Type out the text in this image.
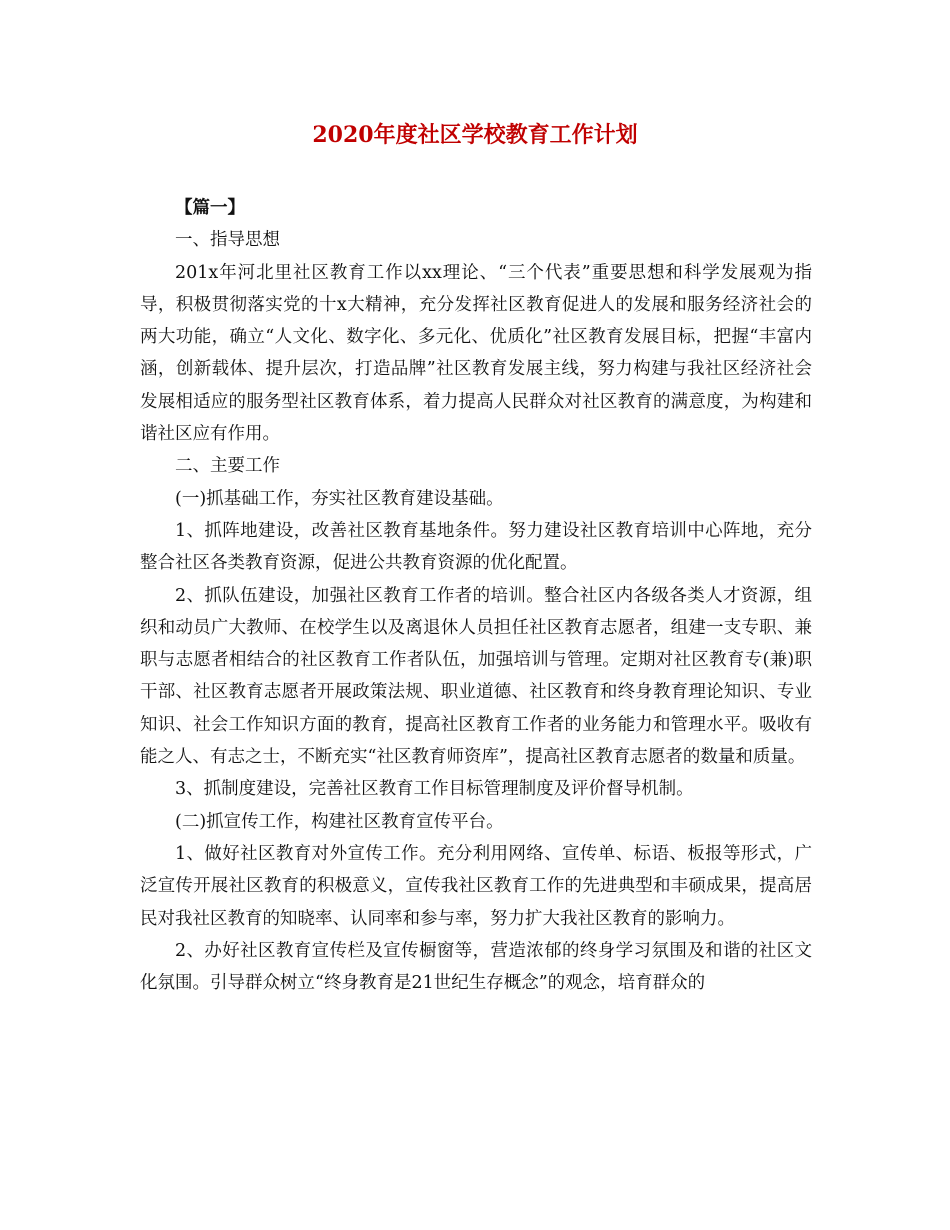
2020年度社区学校教育工作计划

【篇一】

一、指导思想

201x年河北里社区教育工作以xx理论、“三个代表”重要思想和科学发展观为指导，积极贯彻落实党的十x大精神，充分发挥社区教育促进人的发展和服务经济社会的两大功能，确立“人文化、数字化、多元化、优质化”社区教育发展目标，把握“丰富内涵，创新载体、提升层次，打造品牌”社区教育发展主线，努力构建与我社区经济社会发展相适应的服务型社区教育体系，着力提高人民群众对社区教育的满意度，为构建和谐社区应有作用。

二、主要工作

(一)抓基础工作，夯实社区教育建设基础。

1、抓阵地建设，改善社区教育基地条件。努力建设社区教育培训中心阵地，充分整合社区各类教育资源，促进公共教育资源的优化配置。

2、抓队伍建设，加强社区教育工作者的培训。整合社区内各级各类人才资源，组织和动员广大教师、在校学生以及离退休人员担任社区教育志愿者，组建一支专职、兼职与志愿者相结合的社区教育工作者队伍，加强培训与管理。定期对社区教育专(兼)职干部、社区教育志愿者开展政策法规、职业道德、社区教育和终身教育理论知识、专业知识、社会工作知识方面的教育，提高社区教育工作者的业务能力和管理水平。吸收有能之人、有志之士，不断充实“社区教育师资库”，提高社区教育志愿者的数量和质量。

3、抓制度建设，完善社区教育工作目标管理制度及评价督导机制。

(二)抓宣传工作，构建社区教育宣传平台。

1、做好社区教育对外宣传工作。充分利用网络、宣传单、标语、板报等形式，广泛宣传开展社区教育的积极意义，宣传我社区教育工作的先进典型和丰硕成果，提高居民对我社区教育的知晓率、认同率和参与率，努力扩大我社区教育的影响力。

2、办好社区教育宣传栏及宣传橱窗等，营造浓郁的终身学习氛围及和谐的社区文化氛围。引导群众树立“终身教育是21世纪生存概念”的观念，培育群众的
